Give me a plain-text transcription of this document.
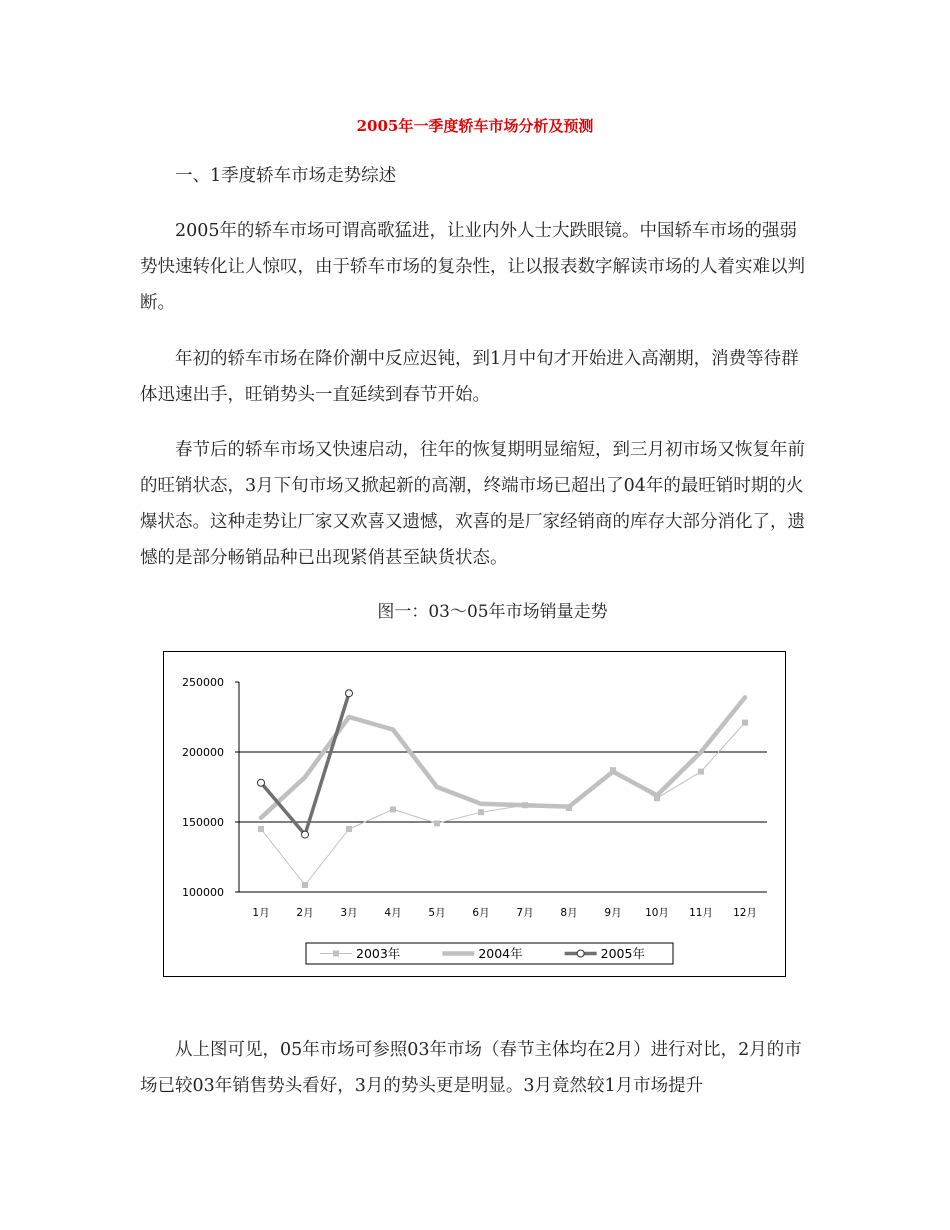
2005年一季度轿车市场分析及预测
一、1季度轿车市场走势综述
2005年的轿车市场可谓高歌猛进，让业内外人士大跌眼镜。中国轿车市场的强弱势快速转化让人惊叹，由于轿车市场的复杂性，让以报表数字解读市场的人着实难以判断。
年初的轿车市场在降价潮中反应迟钝，到1月中旬才开始进入高潮期，消费等待群体迅速出手，旺销势头一直延续到春节开始。
春节后的轿车市场又快速启动，往年的恢复期明显缩短，到三月初市场又恢复年前的旺销状态，3月下旬市场又掀起新的高潮，终端市场已超出了04年的最旺销时期的火爆状态。这种走势让厂家又欢喜又遗憾，欢喜的是厂家经销商的库存大部分消化了，遗憾的是部分畅销品种已出现紧俏甚至缺货状态。
图一：03～05年市场销量走势
250000
200000
150000
100000
1月	2月	3月	4月	5月	6月	7月	8月	9月 10月 11月 12月
2003年	2004年	2005年
从上图可见，05年市场可参照03年市场（春节主体均在2月）进行对比，2月的市场已较03年销售势头看好，3月的势头更是明显。3月竟然较1月市场提升
